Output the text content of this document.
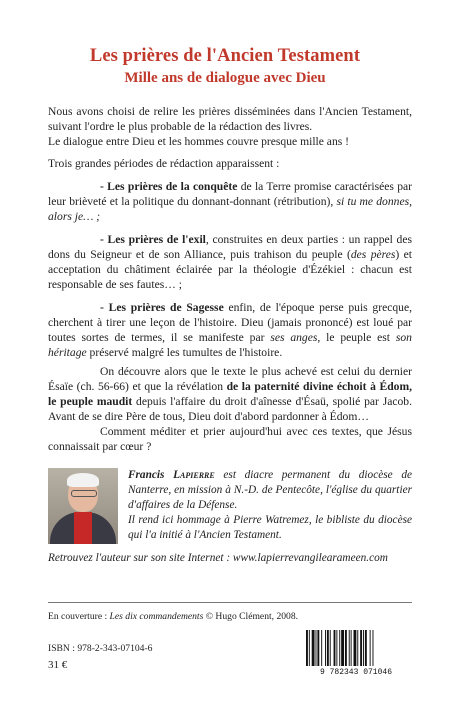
Les prières de l'Ancien Testament
Mille ans de dialogue avec Dieu

Nous avons choisi de relire les prières disséminées dans l'Ancien Testament, suivant l'ordre le plus probable de la rédaction des livres.
Le dialogue entre Dieu et les hommes couvre presque mille ans !

Trois grandes périodes de rédaction apparaissent :

- Les prières de la conquête de la Terre promise caractérisées par leur brièveté et la politique du donnant-donnant (rétribution), si tu me donnes, alors je… ;

- Les prières de l'exil, construites en deux parties : un rappel des dons du Seigneur et de son Alliance, puis trahison du peuple (des pères) et acceptation du châtiment éclairée par la théologie d'Ézékiel : chacun est responsable de ses fautes… ;

- Les prières de Sagesse enfin, de l'époque perse puis grecque, cherchent à tirer une leçon de l'histoire. Dieu (jamais prononcé) est loué par toutes sortes de termes, il se manifeste par ses anges, le peuple est son héritage préservé malgré les tumultes de l'histoire.

On découvre alors que le texte le plus achevé est celui du dernier Ésaïe (ch. 56-66) et que la révélation de la paternité divine échoit à Édom, le peuple maudit depuis l'affaire du droit d'aînesse d'Ésaü, spolié par Jacob. Avant de se dire Père de tous, Dieu doit d'abord pardonner à Édom…

Comment méditer et prier aujourd'hui avec ces textes, que Jésus connaissait par cœur ?

Francis Lapierre est diacre permanent du diocèse de Nanterre, en mission à N.-D. de Pentecôte, l'église du quartier d'affaires de la Défense.

Il rend ici hommage à Pierre Watremez, le bibliste du diocèse qui l'a initié à l'Ancien Testament.

Retrouvez l'auteur sur son site Internet : www.lapierrevangilearameen.com
En couverture : Les dix commandements © Hugo Clément, 2008.
ISBN : 978-2-343-07104-6
31 €
9 782343 071046
